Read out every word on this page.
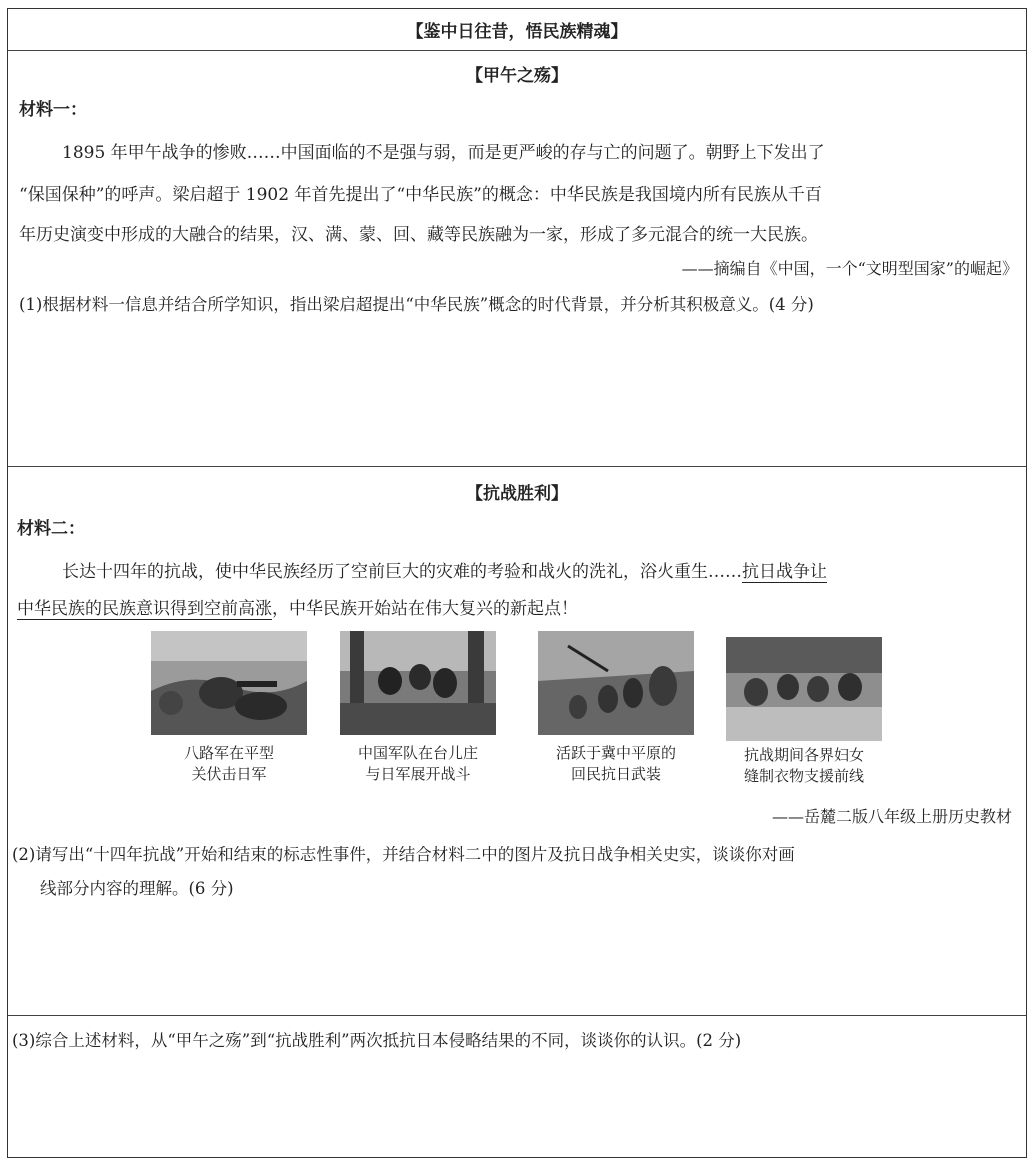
【鉴中日往昔，悟民族精魂】
【甲午之殇】
材料一：
1895 年甲午战争的惨败……中国面临的不是强与弱，而是更严峻的存与亡的问题了。朝野上下发出了
“保国保种”的呼声。梁启超于 1902 年首先提出了“中华民族”的概念：中华民族是我国境内所有民族从千百
年历史演变中形成的大融合的结果，汉、满、蒙、回、藏等民族融为一家，形成了多元混合的统一大民族。
——摘编自《中国，一个“文明型国家”的崛起》
(1)根据材料一信息并结合所学知识，指出梁启超提出“中华民族”概念的时代背景，并分析其积极意义。(4 分)
【抗战胜利】
材料二：
长达十四年的抗战，使中华民族经历了空前巨大的灾难的考验和战火的洗礼，浴火重生……抗日战争让
中华民族的民族意识得到空前高涨，中华民族开始站在伟大复兴的新起点！
八路军在平型
关伏击日军
中国军队在台儿庄
与日军展开战斗
活跃于冀中平原的
回民抗日武装
抗战期间各界妇女
缝制衣物支援前线
——岳麓二版八年级上册历史教材
(2)请写出“十四年抗战”开始和结束的标志性事件，并结合材料二中的图片及抗日战争相关史实，谈谈你对画
线部分内容的理解。(6 分)
(3)综合上述材料，从“甲午之殇”到“抗战胜利”两次抵抗日本侵略结果的不同，谈谈你的认识。(2 分)
